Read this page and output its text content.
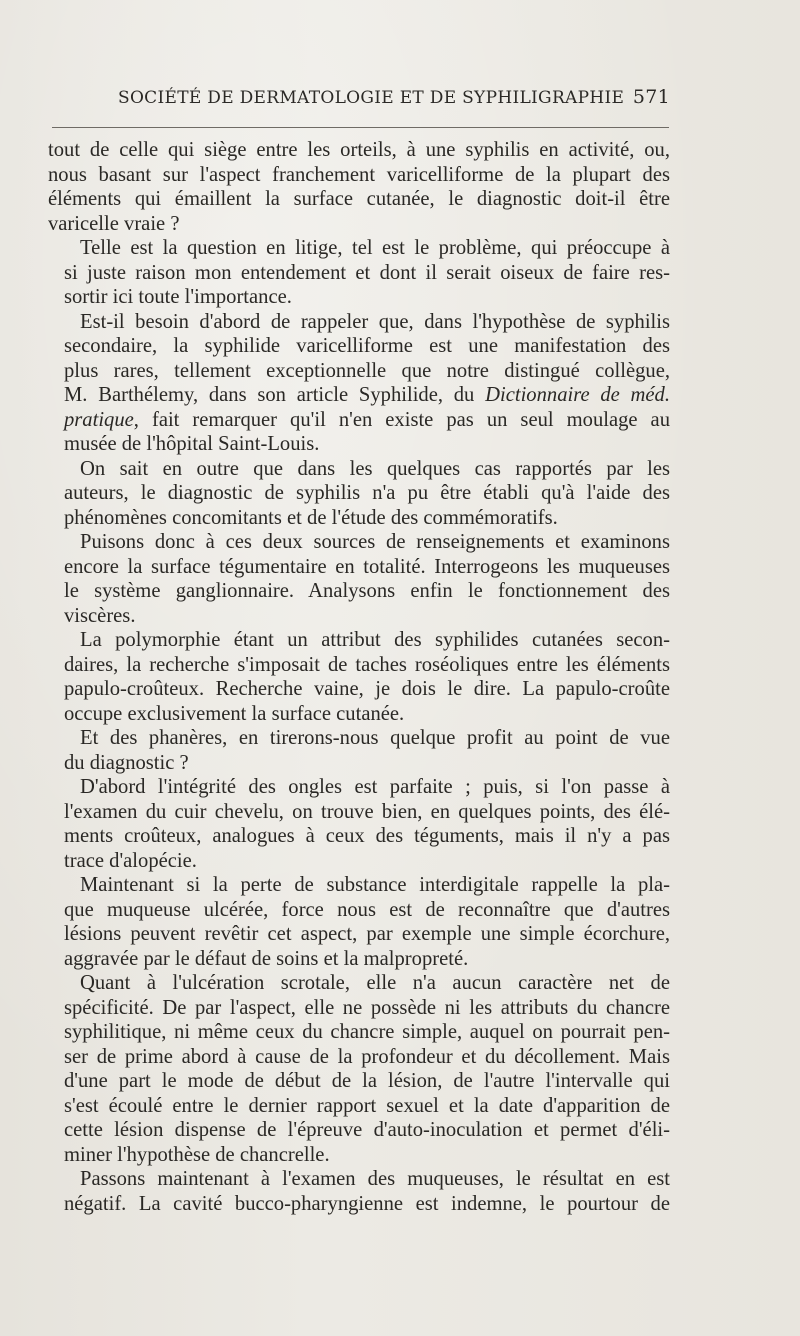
SOCIÉTÉ DE DERMATOLOGIE ET DE SYPHILIGRAPHIE 571

tout de celle qui siège entre les orteils, à une syphilis en activité, ou,
nous basant sur l'aspect franchement varicelliforme de la plupart des
éléments qui émaillent la surface cutanée, le diagnostic doit-il être
varicelle vraie ?

Telle est la question en litige, tel est le problème, qui préoccupe à
si juste raison mon entendement et dont il serait oiseux de faire res-
sortir ici toute l'importance.

Est-il besoin d'abord de rappeler que, dans l'hypothèse de syphilis
secondaire, la syphilide varicelliforme est une manifestation des
plus rares, tellement exceptionnelle que notre distingué collègue,
M. Barthélemy, dans son article Syphilide, du Dictionnaire de méd.
pratique, fait remarquer qu'il n'en existe pas un seul moulage au
musée de l'hôpital Saint-Louis.

On sait en outre que dans les quelques cas rapportés par les
auteurs, le diagnostic de syphilis n'a pu être établi qu'à l'aide des
phénomènes concomitants et de l'étude des commémoratifs.

Puisons donc à ces deux sources de renseignements et examinons
encore la surface tégumentaire en totalité. Interrogeons les muqueuses
le système ganglionnaire. Analysons enfin le fonctionnement des
viscères.

La polymorphie étant un attribut des syphilides cutanées secon-
daires, la recherche s'imposait de taches roséoliques entre les éléments
papulo-croûteux. Recherche vaine, je dois le dire. La papulo-croûte
occupe exclusivement la surface cutanée.

Et des phanères, en tirerons-nous quelque profit au point de vue
du diagnostic ?

D'abord l'intégrité des ongles est parfaite ; puis, si l'on passe à
l'examen du cuir chevelu, on trouve bien, en quelques points, des élé-
ments croûteux, analogues à ceux des téguments, mais il n'y a pas
trace d'alopécie.

Maintenant si la perte de substance interdigitale rappelle la pla-
que muqueuse ulcérée, force nous est de reconnaître que d'autres
lésions peuvent revêtir cet aspect, par exemple une simple écorchure,
aggravée par le défaut de soins et la malpropreté.

Quant à l'ulcération scrotale, elle n'a aucun caractère net de
spécificité. De par l'aspect, elle ne possède ni les attributs du chancre
syphilitique, ni même ceux du chancre simple, auquel on pourrait pen-
ser de prime abord à cause de la profondeur et du décollement. Mais
d'une part le mode de début de la lésion, de l'autre l'intervalle qui
s'est écoulé entre le dernier rapport sexuel et la date d'apparition de
cette lésion dispense de l'épreuve d'auto-inoculation et permet d'éli-
miner l'hypothèse de chancrelle.

Passons maintenant à l'examen des muqueuses, le résultat en est
négatif. La cavité bucco-pharyngienne est indemne, le pourtour de
